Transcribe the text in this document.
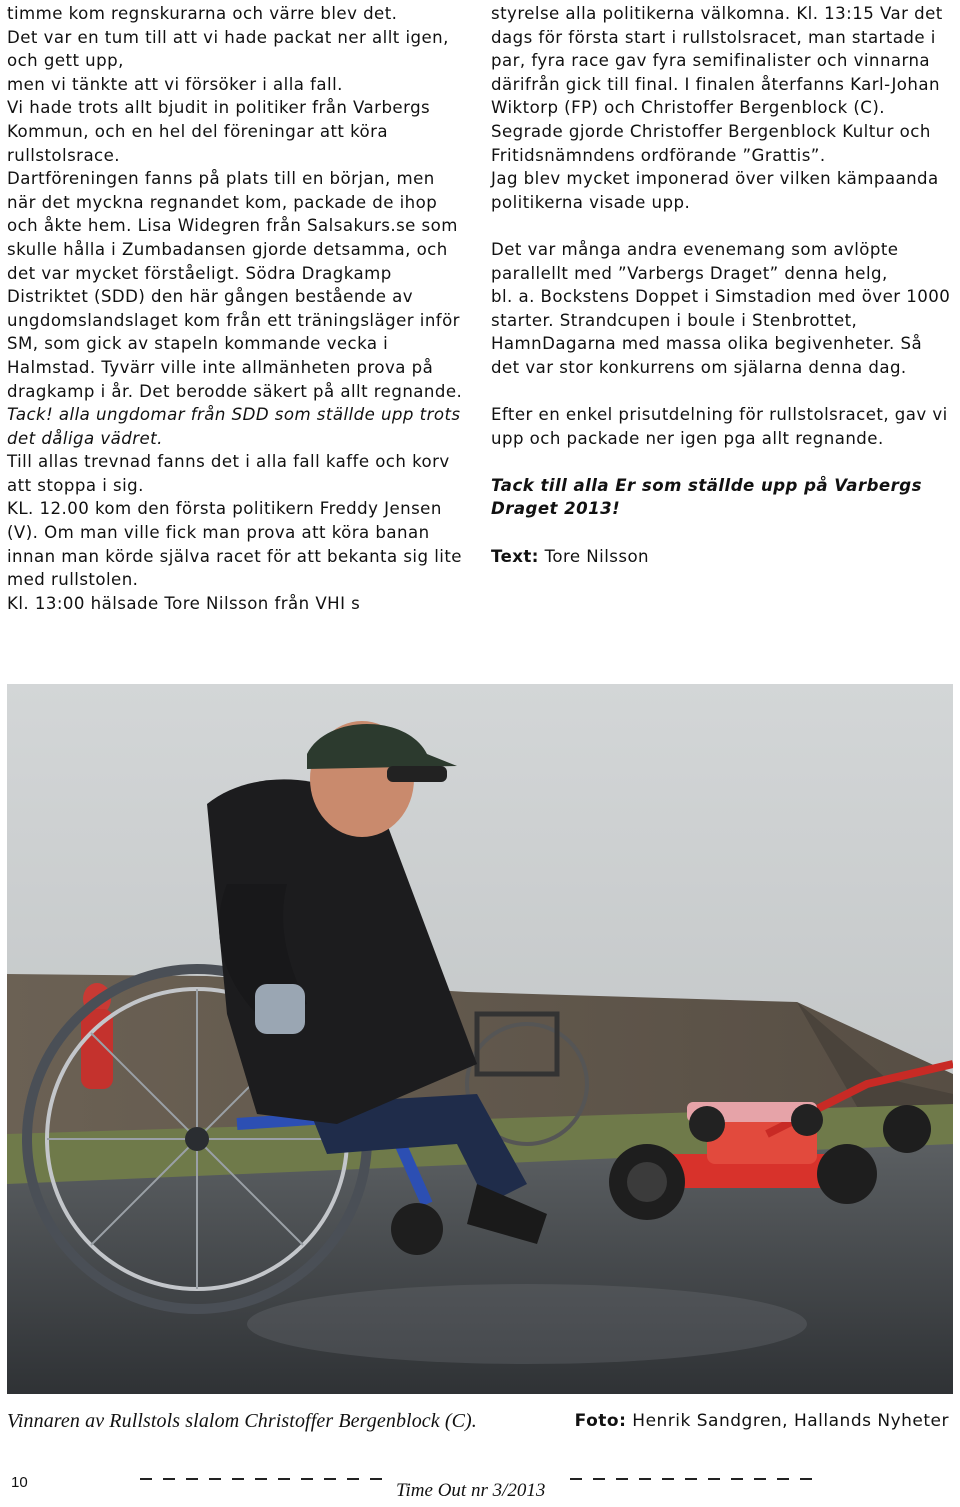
timme kom regnskurarna och värre blev det.

Det var en tum till att vi hade packat ner allt igen, och gett upp,

men vi tänkte att vi försöker i alla fall.

Vi hade trots allt bjudit in politiker från Varbergs Kommun, och en hel del föreningar att köra rullstolsrace.

Dartföreningen fanns på plats till en början, men när det myckna regnandet kom, packade de ihop och åkte hem. Lisa Widegren från Salsakurs.se som skulle hålla i Zumbadansen gjorde detsamma, och det var mycket förståeligt. Södra Dragkamp Distriktet (SDD) den här gången bestående av ungdomslandslaget kom från ett träningsläger inför SM, som gick av stapeln kommande vecka i Halmstad. Tyvärr ville inte allmänheten prova på dragkamp i år. Det berodde säkert på allt regnande. Tack! alla ungdomar från SDD som ställde upp trots det dåliga vädret.

Till allas trevnad fanns det i alla fall kaffe och korv att stoppa i sig.

KL. 12.00 kom den första politikern Freddy Jensen (V). Om man ville fick man prova att köra banan innan man körde själva racet för att bekanta sig lite med rullstolen.

Kl. 13:00 hälsade Tore Nilsson från VHI s

styrelse alla politikerna välkomna. Kl. 13:15 Var det dags för första start i rullstolsracet, man startade i par, fyra race gav fyra semifinalister och vinnarna därifrån gick till final. I finalen återfanns Karl-Johan Wiktorp (FP) och Christoffer Bergenblock (C). Segrade gjorde Christoffer Bergenblock Kultur och Fritidsnämndens ordförande ”Grattis”.

Jag blev mycket imponerad över vilken kämpaanda politikerna visade upp.

Det var många andra evenemang som avlöpte parallellt med ”Varbergs Draget” denna helg,

bl. a. Bockstens Doppet i Simstadion med över 1000 starter. Strandcupen i boule i Stenbrottet, HamnDagarna med massa olika begivenheter. Så det var stor konkurrens om själarna denna dag.

Efter en enkel prisutdelning för rullstolsracet, gav vi upp och packade ner igen pga allt regnande.

Tack till alla Er som ställde upp på Varbergs Draget 2013!

Text: Tore Nilsson

Vinnaren av Rullstols slalom Christoffer Bergenblock (C).	Foto: Henrik Sandgren, Hallands Nyheter
10	Time Out nr 3/2013
